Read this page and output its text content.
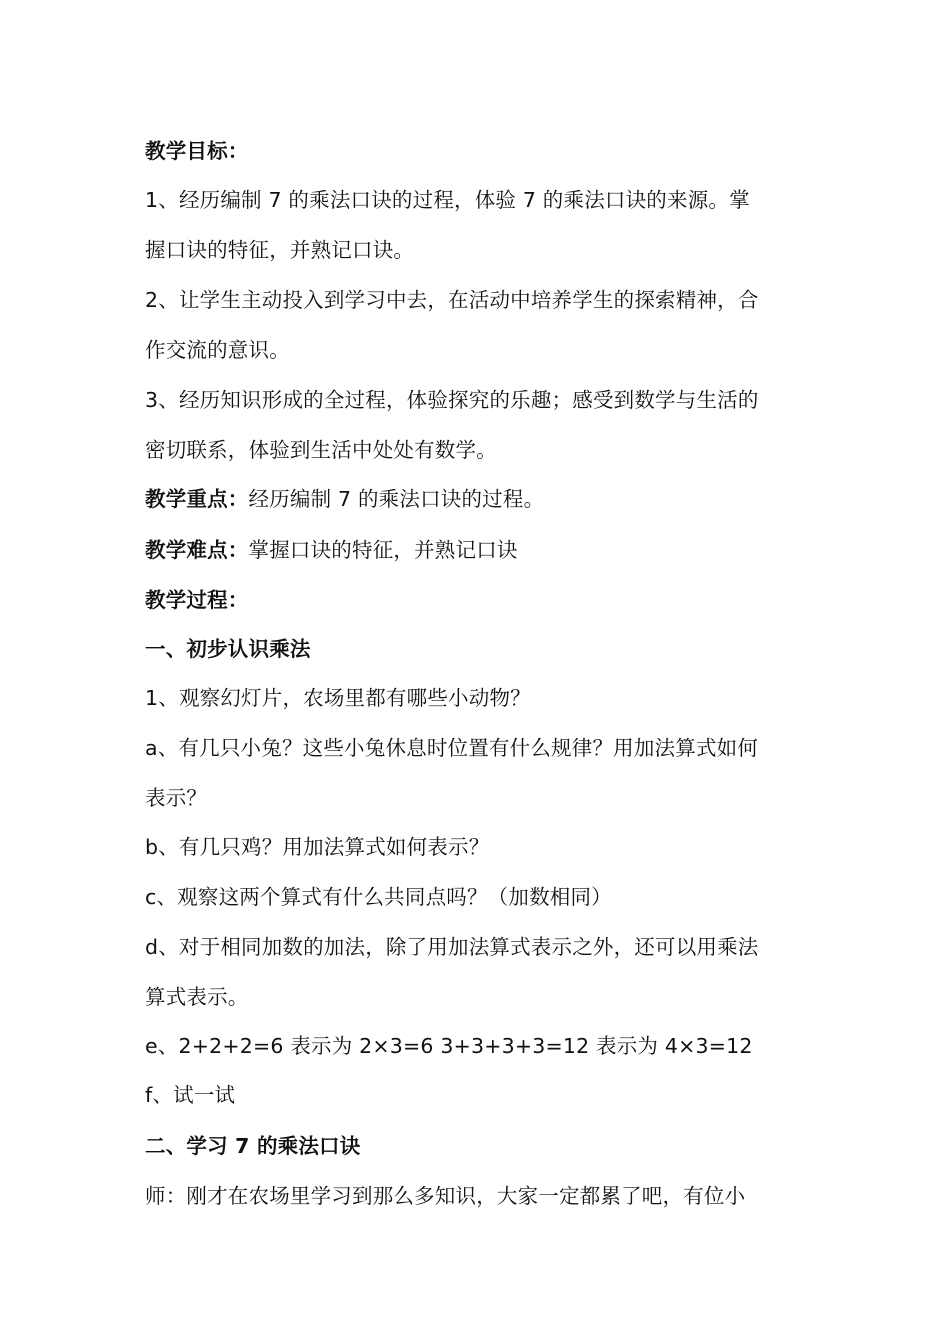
教学目标：
1、经历编制 7 的乘法口诀的过程，体验 7 的乘法口诀的来源。掌
握口诀的特征，并熟记口诀。
2、让学生主动投入到学习中去，在活动中培养学生的探索精神，合
作交流的意识。
3、经历知识形成的全过程，体验探究的乐趣；感受到数学与生活的
密切联系，体验到生活中处处有数学。
教学重点：经历编制 7 的乘法口诀的过程。
教学难点：掌握口诀的特征，并熟记口诀
教学过程：
一、初步认识乘法
1、观察幻灯片，农场里都有哪些小动物？
a、有几只小兔？这些小兔休息时位置有什么规律？用加法算式如何
表示？
b、有几只鸡？用加法算式如何表示？
c、观察这两个算式有什么共同点吗？（加数相同）
d、对于相同加数的加法，除了用加法算式表示之外，还可以用乘法
算式表示。
e、2+2+2=6 表示为 2×3=6 3+3+3+3=12 表示为 4×3=12
f、试一试
二、学习 7 的乘法口诀
师：刚才在农场里学习到那么多知识，大家一定都累了吧，有位小
